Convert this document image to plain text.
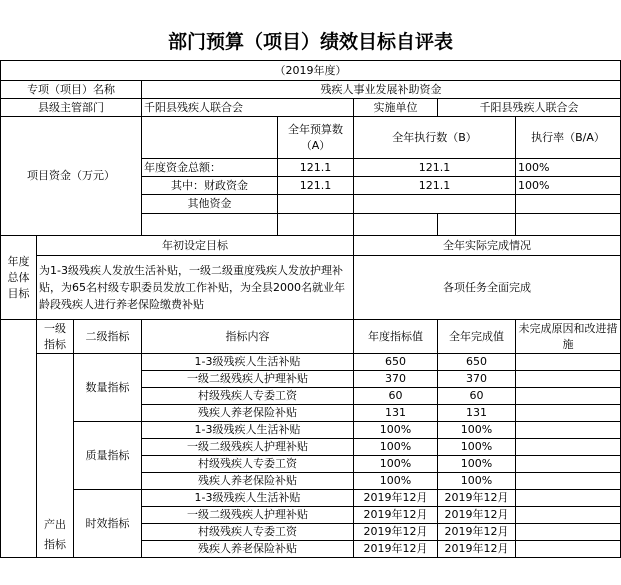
部门预算（项目）绩效目标自评表
（2019年度）							
专项（项目）名称			残疾人事业发展补助资金				
县级主管部门			千阳县残疾人联合会		实施单位	千阳县残疾人联合会	
项目资金（万元）				全年预算数（A）	全年执行数（B）		执行率（B/A）
			年度资金总额：	121.1	121.1		100%
			其中：财政资金	121.1	121.1		100%
			其他资金				

年度总体目标	年初设定目标				全年实际完成情况		
	为1-3级残疾人发放生活补贴，一级二级重度残疾人发放护理补贴，为65名村级专职委员发放工作补贴，为全县2000名就业年龄段残疾人进行养老保险缴费补贴				各项任务全面完成		
	一级指标	二级指标	指标内容		年度指标值	全年完成值	未完成原因和改进措施
	产出指标	数量指标	1-3级残疾人生活补贴		650	650	
			一级二级残疾人护理补贴		370	370	
			村级残疾人专委工资		60	60	
			残疾人养老保险补贴		131	131	
		质量指标	1-3级残疾人生活补贴		100%	100%	
			一级二级残疾人护理补贴		100%	100%	
			村级残疾人专委工资		100%	100%	
			残疾人养老保险补贴		100%	100%	
		时效指标	1-3级残疾人生活补贴		2019年12月	2019年12月	
			一级二级残疾人护理补贴		2019年12月	2019年12月	
			村级残疾人专委工资		2019年12月	2019年12月	
			残疾人养老保险补贴		2019年12月	2019年12月	
